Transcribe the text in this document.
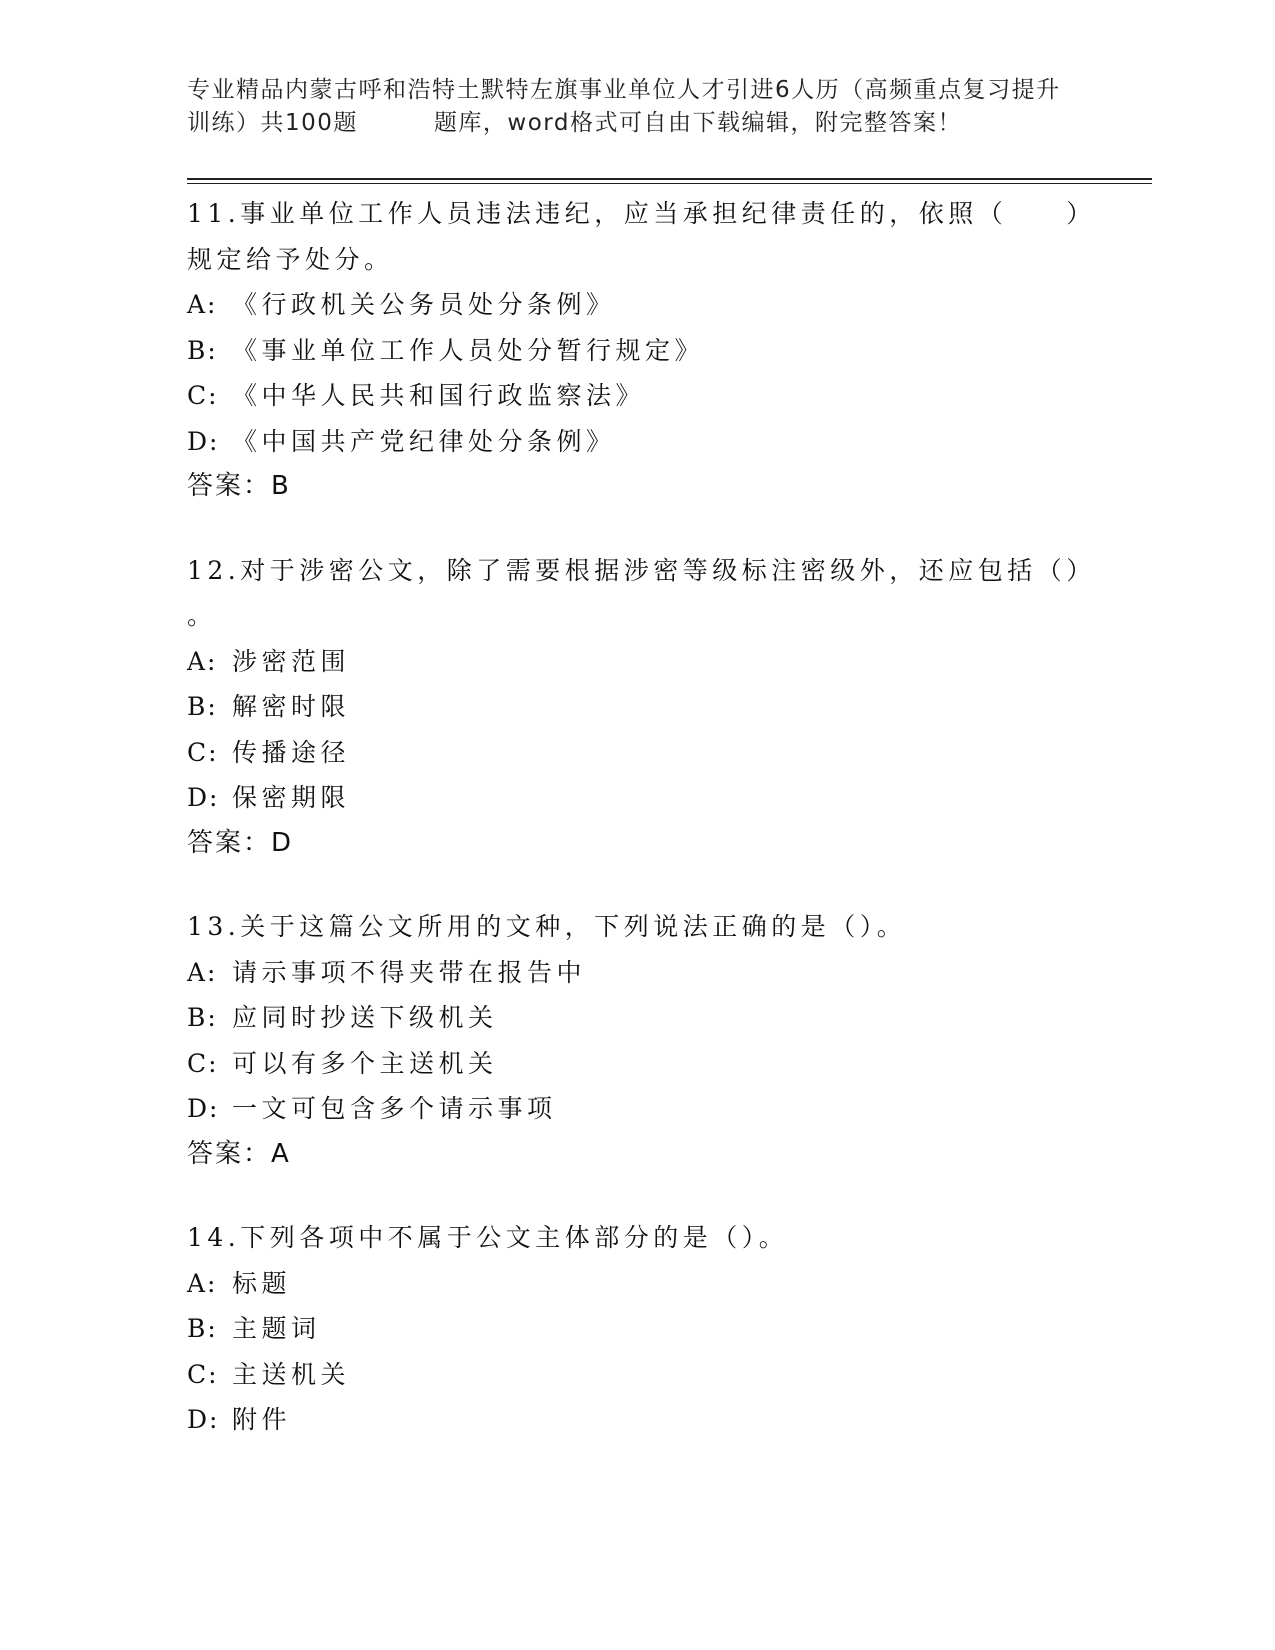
专业精品内蒙古呼和浩特土默特左旗事业单位人才引进6人历（高频重点复习提升
训练）共100题	题库，word格式可自由下载编辑，附完整答案！
11.事业单位工作人员违法违纪，应当承担纪律责任的，依照（　　）
规定给予处分。
A: 《行政机关公务员处分条例》
B: 《事业单位工作人员处分暂行规定》
C: 《中华人民共和国行政监察法》
D: 《中国共产党纪律处分条例》
答案：B
12.对于涉密公文，除了需要根据涉密等级标注密级外，还应包括（）
。
A: 涉密范围
B: 解密时限
C: 传播途径
D: 保密期限
答案：D
13.关于这篇公文所用的文种，下列说法正确的是（）。
A: 请示事项不得夹带在报告中
B: 应同时抄送下级机关
C: 可以有多个主送机关
D: 一文可包含多个请示事项
答案：A
14.下列各项中不属于公文主体部分的是（）。
A: 标题
B: 主题词
C: 主送机关
D: 附件
